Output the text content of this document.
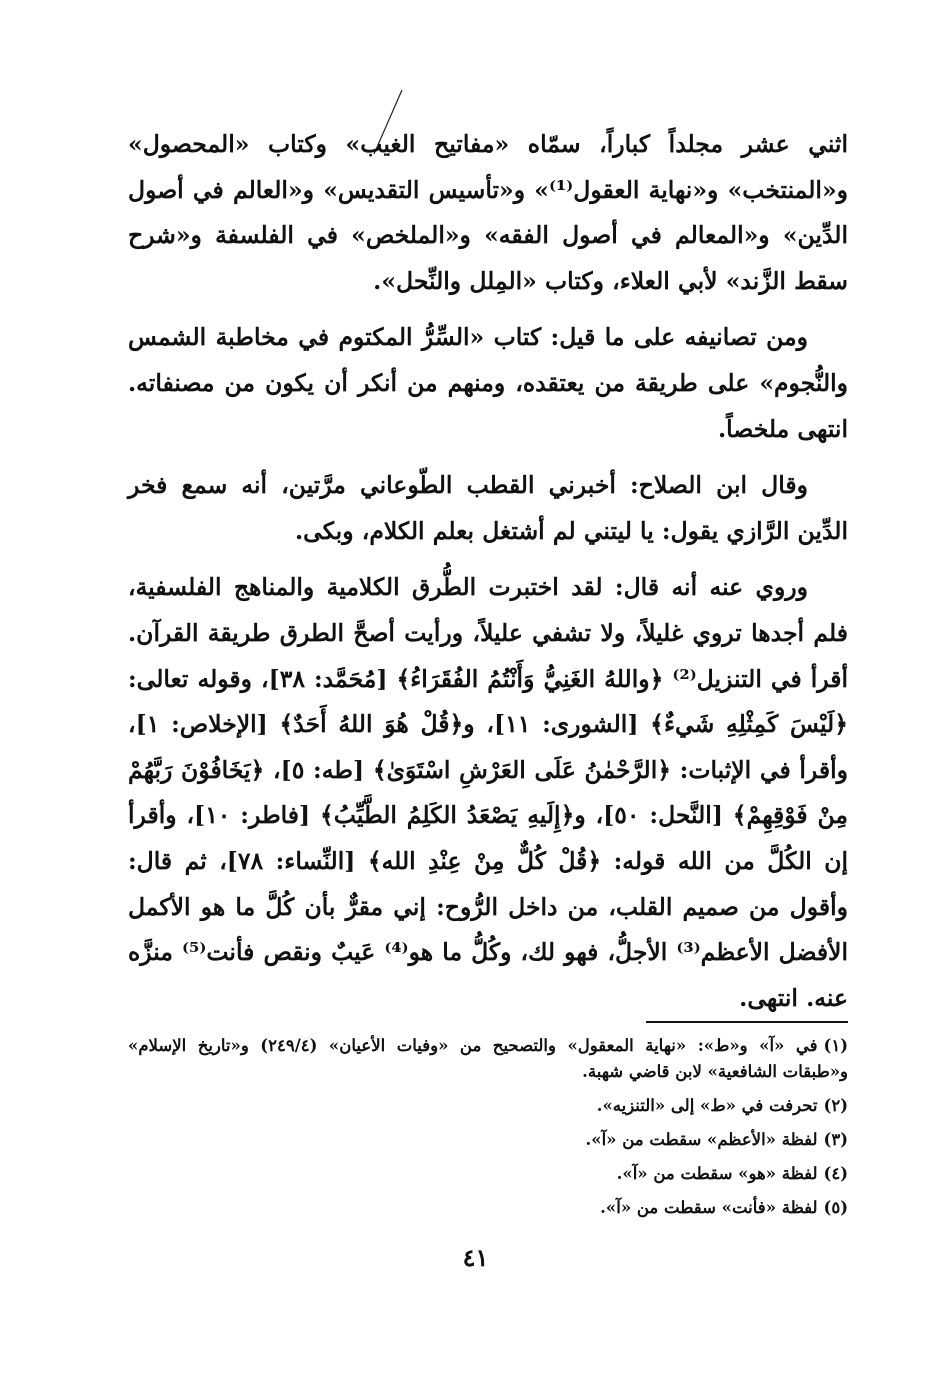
اثني عشر مجلداً كباراً، سمّاه «مفاتيح الغيب» وكتاب «المحصول» و«المنتخب» و«نهاية العقول⁽¹⁾» و«تأسيس التقديس» و«العالم في أصول الدِّين» و«المعالم في أصول الفقه» و«الملخص» في الفلسفة و«شرح سقط الزَّند» لأبي العلاء، وكتاب «المِلل والنِّحل».

ومن تصانيفه على ما قيل: كتاب «السِّرُّ المكتوم في مخاطبة الشمس والنُّجوم» على طريقة من يعتقده، ومنهم من أنكر أن يكون من مصنفاته. انتهى ملخصاً.

وقال ابن الصلاح: أخبرني القطب الطّوعاني مرَّتين، أنه سمع فخر الدِّين الرَّازي يقول: يا ليتني لم أشتغل بعلم الكلام، وبكى.

وروي عنه أنه قال: لقد اختبرت الطُّرق الكلامية والمناهج الفلسفية، فلم أجدها تروي غليلاً، ولا تشفي عليلاً، ورأيت أصحَّ الطرق طريقة القرآن. أقرأ في التنزيل⁽²⁾ ﴿واللهُ الغَنِيُّ وَأَنْتُمُ الفُقَرَاءُ﴾ [مُحَمَّد: ٣٨]، وقوله تعالى: ﴿لَيْسَ كَمِثْلِهِ شَيءٌ﴾ [الشورى: ١١]، و﴿قُلْ هُوَ اللهُ أَحَدٌ﴾ [الإخلاص: ١]، وأقرأ في الإثبات: ﴿الرَّحْمٰنُ عَلَى العَرْشِ اسْتَوَىٰ﴾ [طه: ٥]، ﴿يَخَافُوْنَ رَبَّهُمْ مِنْ فَوْقِهِمْ﴾ [النَّحل: ٥٠]، و﴿إِلَيهِ يَصْعَدُ الكَلِمُ الطَّيِّبُ﴾ [فاطر: ١٠]، وأقرأ إن الكُلَّ من الله قوله: ﴿قُلْ كُلٌّ مِنْ عِنْدِ الله﴾ [النِّساء: ٧٨]، ثم قال: وأقول من صميم القلب، من داخل الرُّوح: إني مقرٌّ بأن كُلَّ ما هو الأكمل الأفضل الأعظم⁽³⁾ الأجلُّ، فهو لك، وكُلُّ ما هو⁽⁴⁾ عَيبٌ ونقص فأنت⁽⁵⁾ منزَّه عنه. انتهى.

(١)في «آ» و«ط»: «نهاية المعقول» والتصحيح من «وفيات الأعيان» (٢٤٩/٤) و«تاريخ الإسلام» و«طبقات الشافعية» لابن قاضي شهبة.

(٢)تحرفت في «ط» إلى «التنزيه».

(٣)لفظة «الأعظم» سقطت من «آ».

(٤)لفظة «هو» سقطت من «آ».

(٥)لفظة «فأنت» سقطت من «آ».

٤١
